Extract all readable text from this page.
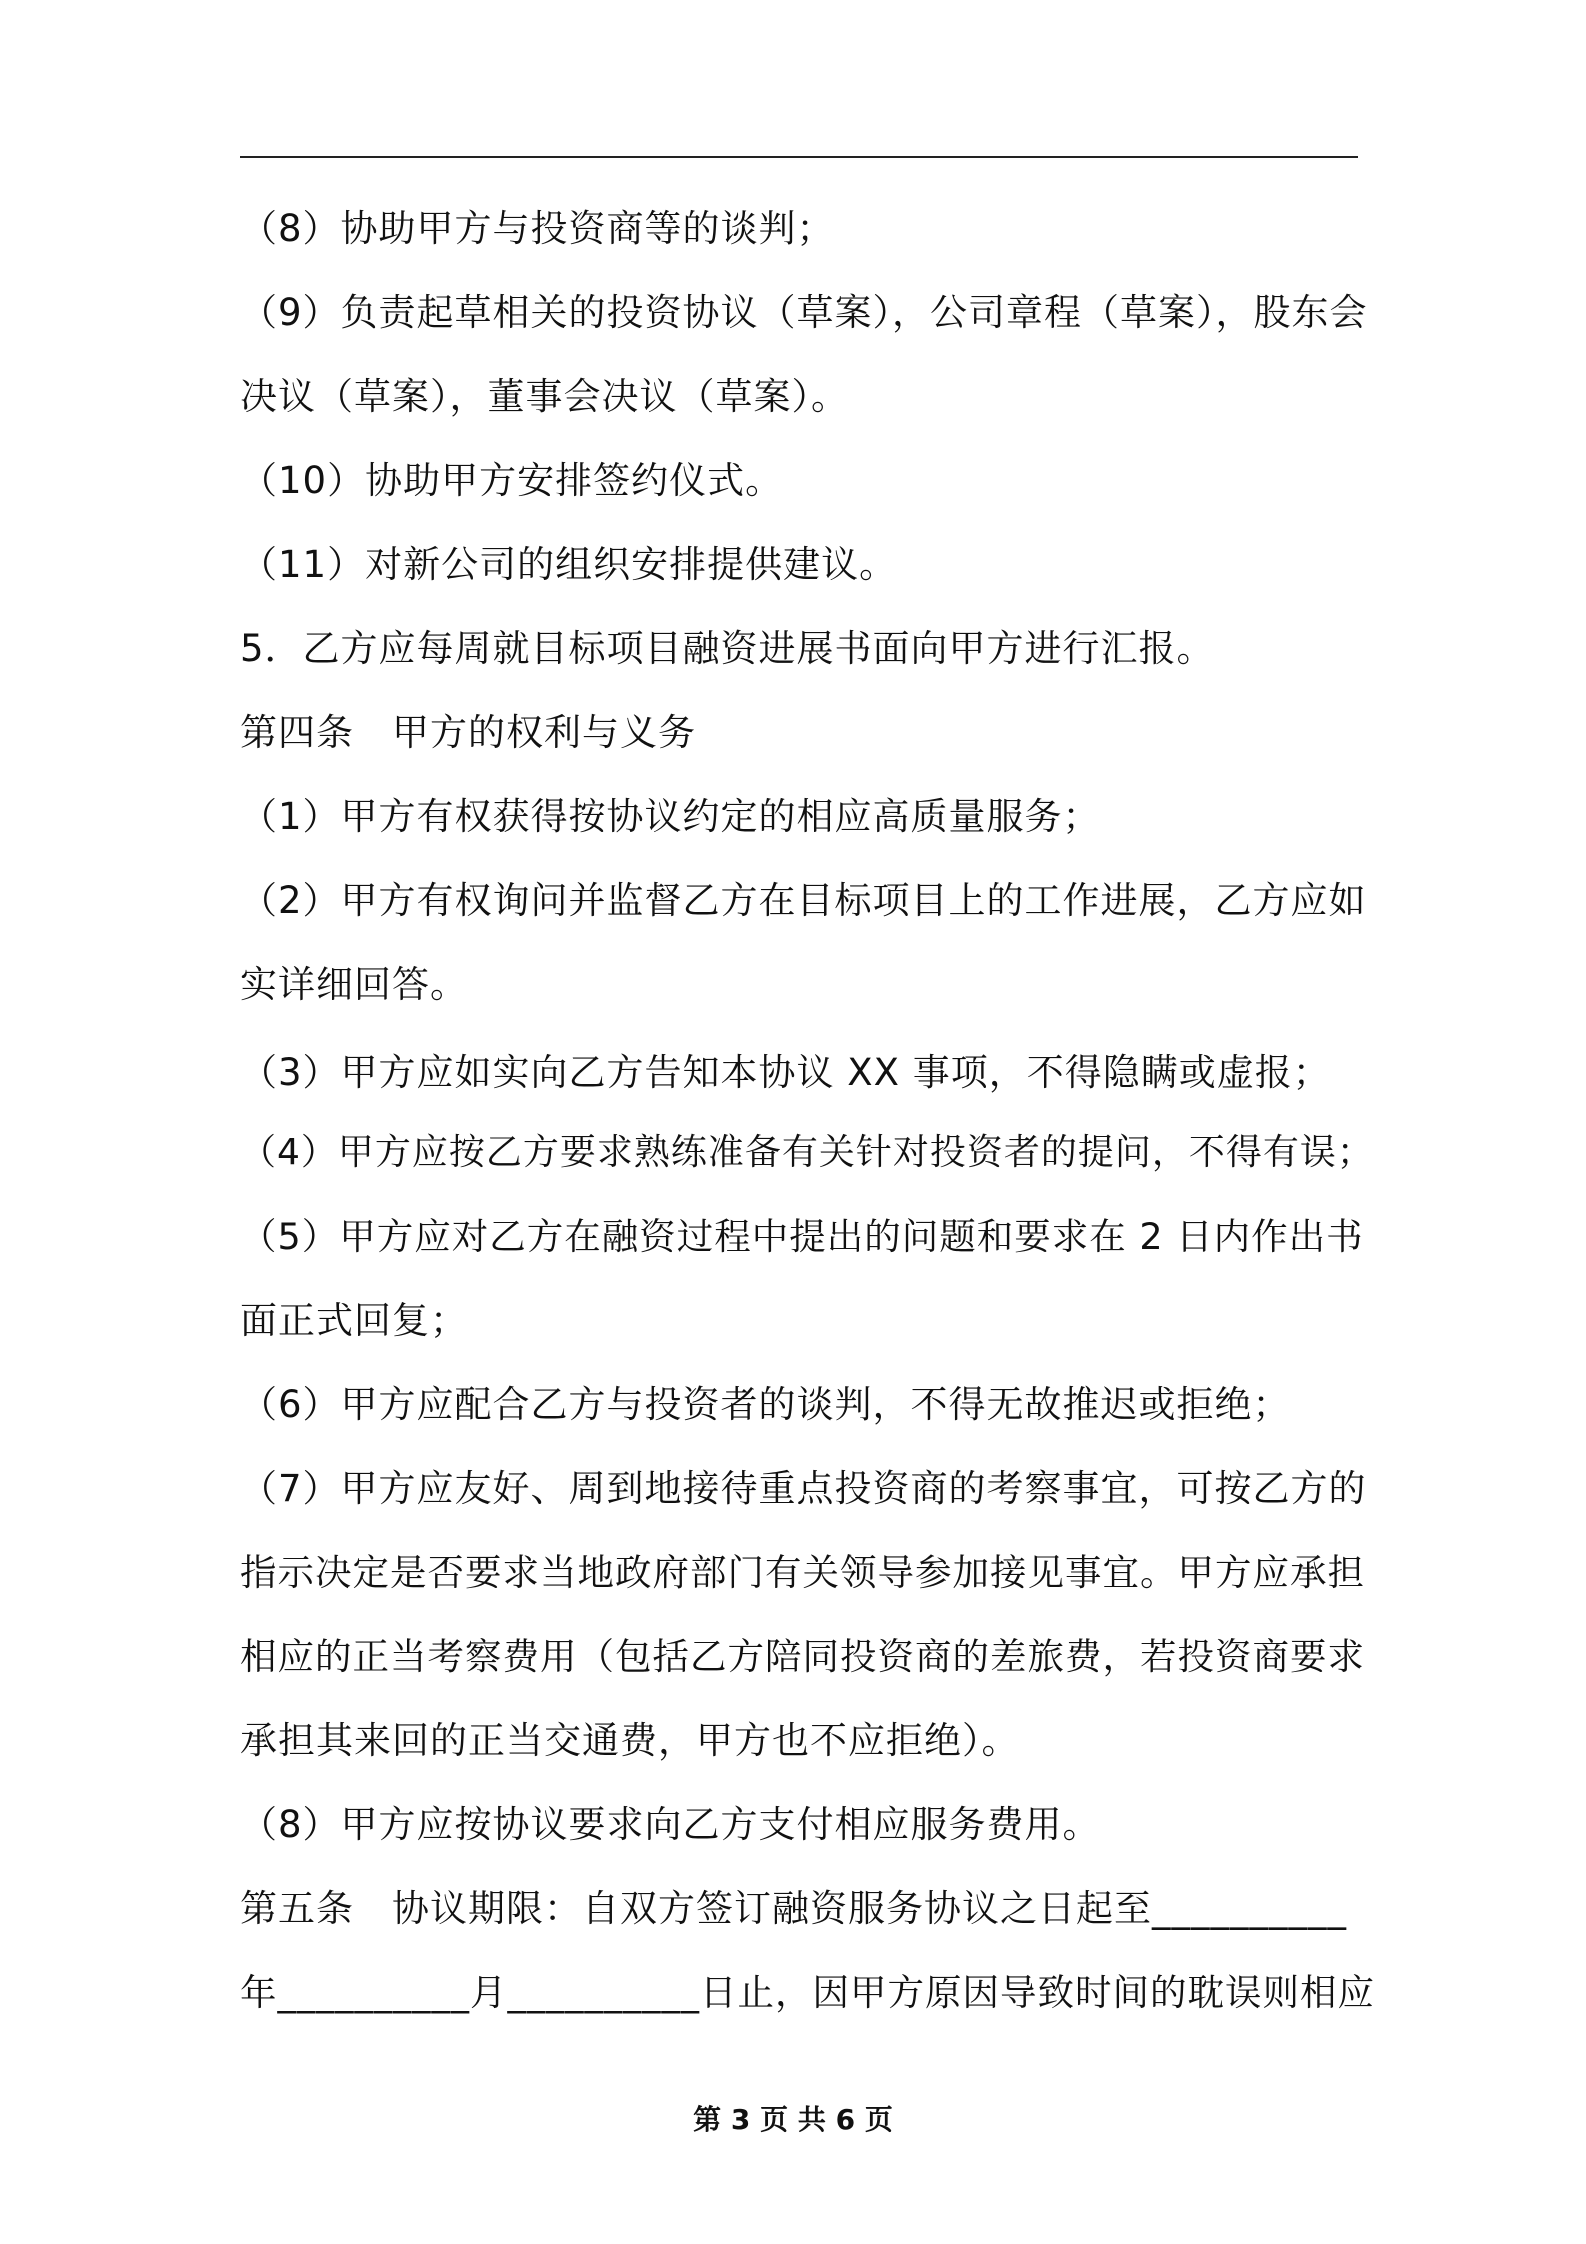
（8）协助甲方与投资商等的谈判；
（9）负责起草相关的投资协议（草案），公司章程（草案），股东会
决议（草案），董事会决议（草案）。
（10）协助甲方安排签约仪式。
（11）对新公司的组织安排提供建议。
5．乙方应每周就目标项目融资进展书面向甲方进行汇报。
第四条　甲方的权利与义务
（1）甲方有权获得按协议约定的相应高质量服务；
（2）甲方有权询问并监督乙方在目标项目上的工作进展，乙方应如
实详细回答。
（3）甲方应如实向乙方告知本协议 XX 事项，不得隐瞒或虚报；
（4）甲方应按乙方要求熟练准备有关针对投资者的提问，不得有误；
（5）甲方应对乙方在融资过程中提出的问题和要求在 2 日内作出书
面正式回复；
（6）甲方应配合乙方与投资者的谈判，不得无故推迟或拒绝；
（7）甲方应友好、周到地接待重点投资商的考察事宜，可按乙方的
指示决定是否要求当地政府部门有关领导参加接见事宜。甲方应承担
相应的正当考察费用（包括乙方陪同投资商的差旅费，若投资商要求
承担其来回的正当交通费，甲方也不应拒绝）。
（8）甲方应按协议要求向乙方支付相应服务费用。
第五条　协议期限：自双方签订融资服务协议之日起至__________
年__________月__________日止，因甲方原因导致时间的耽误则相应
第 3 页 共 6 页
